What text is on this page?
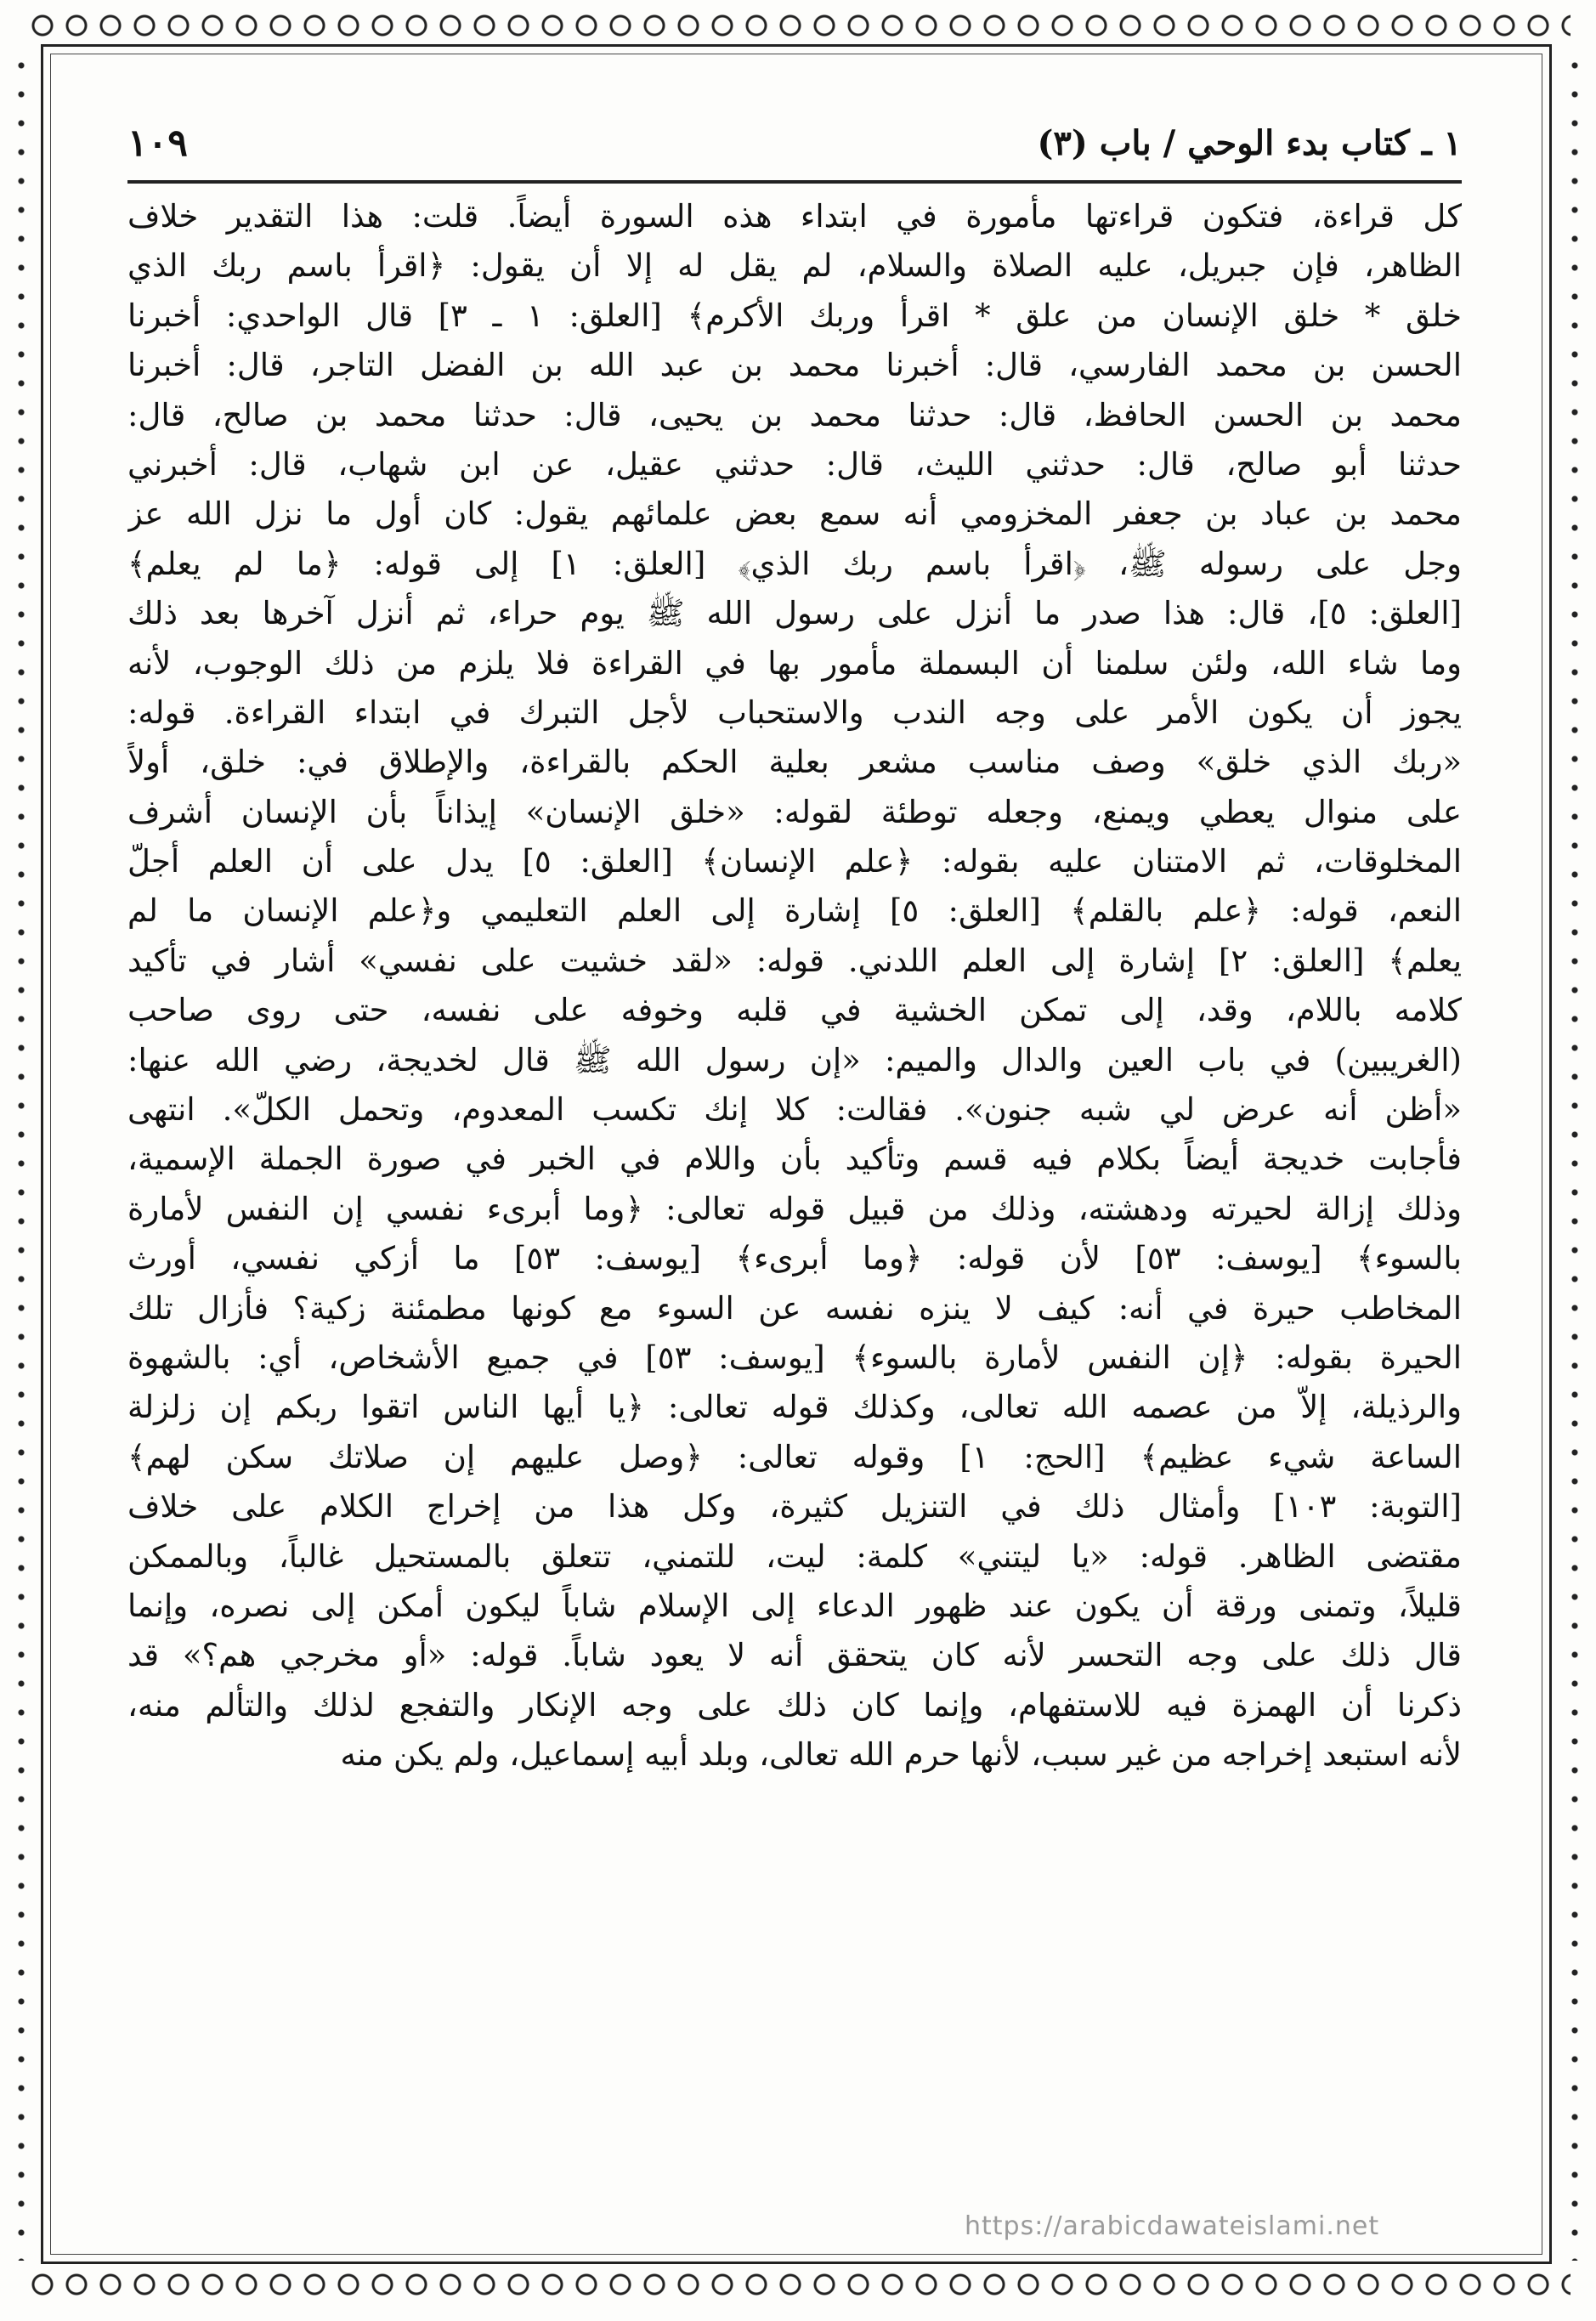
١ ـ كتاب بدء الوحي / باب (٣)
١٠٩
كل قراءة، فتكون قراءتها مأمورة في ابتداء هذه السورة أيضاً. قلت: هذا التقدير خلاف
الظاهر، فإن جبريل، عليه الصلاة والسلام، لم يقل له إلا أن يقول: ﴿اقرأ باسم ربك الذي
خلق * خلق الإنسان من علق * اقرأ وربك الأكرم﴾ [العلق: ١ ـ ٣] قال الواحدي: أخبرنا
الحسن بن محمد الفارسي، قال: أخبرنا محمد بن عبد الله بن الفضل التاجر، قال: أخبرنا
محمد بن الحسن الحافظ، قال: حدثنا محمد بن يحيى، قال: حدثنا محمد بن صالح، قال:
حدثنا أبو صالح، قال: حدثني الليث، قال: حدثني عقيل، عن ابن شهاب، قال: أخبرني
محمد بن عباد بن جعفر المخزومي أنه سمع بعض علمائهم يقول: كان أول ما نزل الله عز
وجل على رسوله ﷺ، ﴿اقرأ باسم ربك الذي﴾ [العلق: ١] إلى قوله: ﴿ما لم يعلم﴾
[العلق: ٥]، قال: هذا صدر ما أنزل على رسول الله ﷺ يوم حراء، ثم أنزل آخرها بعد ذلك
وما شاء الله، ولئن سلمنا أن البسملة مأمور بها في القراءة فلا يلزم من ذلك الوجوب، لأنه
يجوز أن يكون الأمر على وجه الندب والاستحباب لأجل التبرك في ابتداء القراءة. قوله:
«ربك الذي خلق» وصف مناسب مشعر بعلية الحكم بالقراءة، والإطلاق في: خلق، أولاً
على منوال يعطي ويمنع، وجعله توطئة لقوله: «خلق الإنسان» إيذاناً بأن الإنسان أشرف
المخلوقات، ثم الامتنان عليه بقوله: ﴿علم الإنسان﴾ [العلق: ٥] يدل على أن العلم أجلّ
النعم، قوله: ﴿علم بالقلم﴾ [العلق: ٥] إشارة إلى العلم التعليمي و﴿علم الإنسان ما لم
يعلم﴾ [العلق: ٢] إشارة إلى العلم اللدني. قوله: «لقد خشيت على نفسي» أشار في تأكيد
كلامه باللام، وقد، إلى تمكن الخشية في قلبه وخوفه على نفسه، حتى روى صاحب
(الغريبين) في باب العين والدال والميم: «إن رسول الله ﷺ قال لخديجة، رضي الله عنها:
«أظن أنه عرض لي شبه جنون». فقالت: كلا إنك تكسب المعدوم، وتحمل الكلّ». انتهى
فأجابت خديجة أيضاً بكلام فيه قسم وتأكيد بأن واللام في الخبر في صورة الجملة الإسمية،
وذلك إزالة لحيرته ودهشته، وذلك من قبيل قوله تعالى: ﴿وما أبرىء نفسي إن النفس لأمارة
بالسوء﴾ [يوسف: ٥٣] لأن قوله: ﴿وما أبرىء﴾ [يوسف: ٥٣] ما أزكي نفسي، أورث
المخاطب حيرة في أنه: كيف لا ينزه نفسه عن السوء مع كونها مطمئنة زكية؟ فأزال تلك
الحيرة بقوله: ﴿إن النفس لأمارة بالسوء﴾ [يوسف: ٥٣] في جميع الأشخاص، أي: بالشهوة
والرذيلة، إلاّ من عصمه الله تعالى، وكذلك قوله تعالى: ﴿يا أيها الناس اتقوا ربكم إن زلزلة
الساعة شيء عظيم﴾ [الحج: ١] وقوله تعالى: ﴿وصل عليهم إن صلاتك سكن لهم﴾
[التوبة: ١٠٣] وأمثال ذلك في التنزيل كثيرة، وكل هذا من إخراج الكلام على خلاف
مقتضى الظاهر. قوله: «يا ليتني» كلمة: ليت، للتمني، تتعلق بالمستحيل غالباً، وبالممكن
قليلاً، وتمنى ورقة أن يكون عند ظهور الدعاء إلى الإسلام شاباً ليكون أمكن إلى نصره، وإنما
قال ذلك على وجه التحسر لأنه كان يتحقق أنه لا يعود شاباً. قوله: «أو مخرجي هم؟» قد
ذكرنا أن الهمزة فيه للاستفهام، وإنما كان ذلك على وجه الإنكار والتفجع لذلك والتألم منه،
لأنه استبعد إخراجه من غير سبب، لأنها حرم الله تعالى، وبلد أبيه إسماعيل، ولم يكن منه
https://arabicdawateislami.net
